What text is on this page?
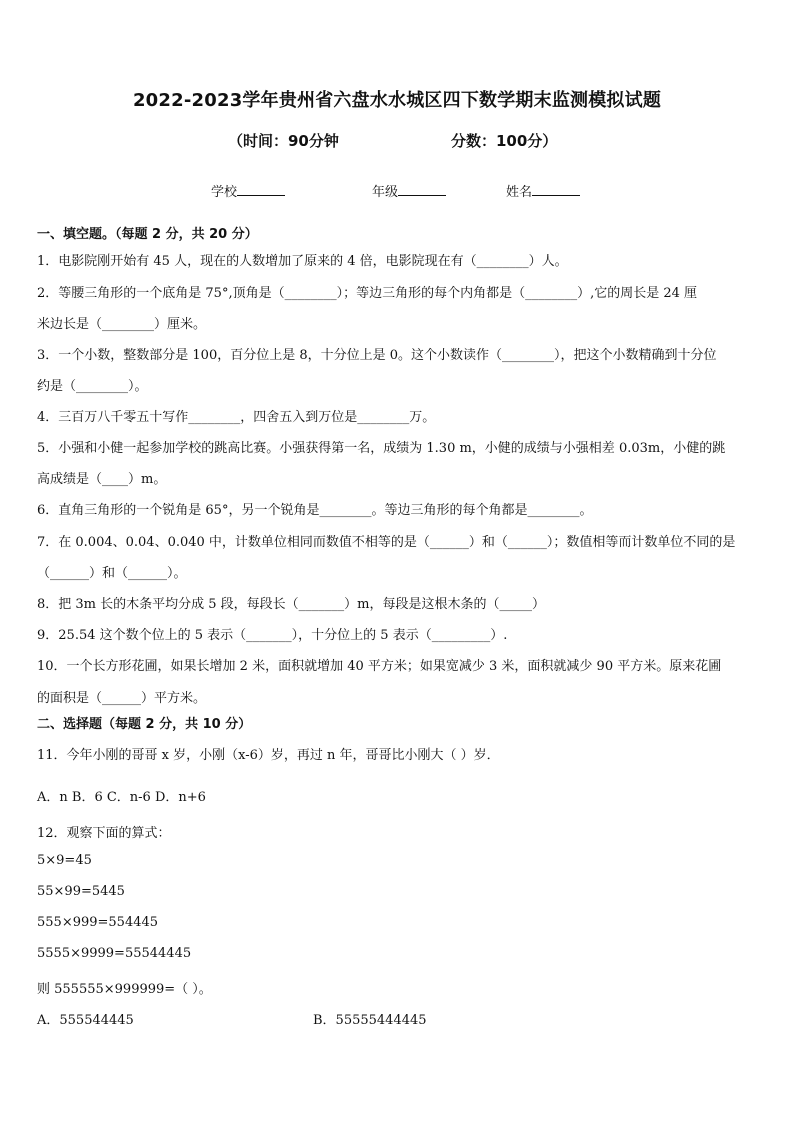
2022-2023学年贵州省六盘水水城区四下数学期末监测模拟试题
（时间：90分钟	分数：100分）
学校	年级	姓名
一、填空题。（每题 2 分，共 20 分）
1．电影院刚开始有 45 人，现在的人数增加了原来的 4 倍，电影院现在有（________）人。
2．等腰三角形的一个底角是 75°,顶角是（________）；等边三角形的每个内角都是（________）,它的周长是 24 厘
米边长是（________）厘米。
3．一个小数，整数部分是 100，百分位上是 8，十分位上是 0。这个小数读作（________），把这个小数精确到十分位
约是（________）。
4．三百万八千零五十写作________，四舍五入到万位是________万。
5．小强和小健一起参加学校的跳高比赛。小强获得第一名，成绩为 1.30 m，小健的成绩与小强相差 0.03m，小健的跳
高成绩是（____）m。
6．直角三角形的一个锐角是 65°，另一个锐角是________。等边三角形的每个角都是________。
7．在 0.004、0.04、0.040 中，计数单位相同而数值不相等的是（______）和（______）；数值相等而计数单位不同的是
（______）和（______）。
8．把 3m 长的木条平均分成 5 段，每段长（_______）m，每段是这根木条的（_____）
9．25.54 这个数个位上的 5 表示（_______），十分位上的 5 表示（_________）.
10．一个长方形花圃，如果长增加 2 米，面积就增加 40 平方米；如果宽减少 3 米，面积就减少 90 平方米。原来花圃
的面积是（______）平方米。
二、选择题（每题 2 分，共 10 分）
11．今年小刚的哥哥 x 岁，小刚（x-6）岁，再过 n 年，哥哥比小刚大（ ）岁．
A．n B．6 C．n-6 D．n+6
12．观察下面的算式：
5×9=45
55×99=5445
555×999=554445
5555×9999=55544445
则 555555×999999=（ ）。
A．555544445	B．55555444445
